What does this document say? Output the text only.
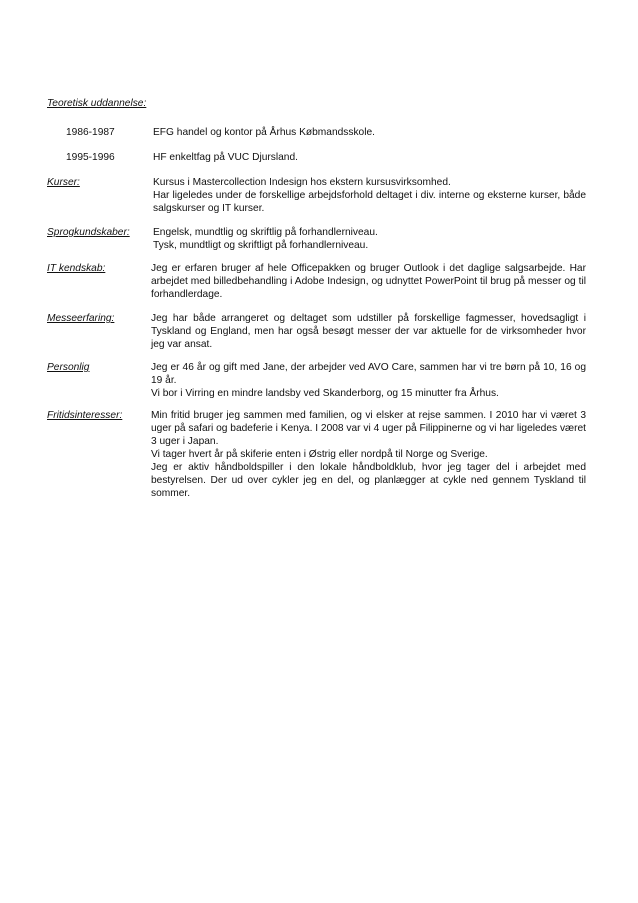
Teoretisk uddannelse:
1986-1987	EFG handel og kontor på Århus Købmandsskole.
1995-1996	HF enkeltfag på VUC Djursland.
Kurser:	Kursus i Mastercollection Indesign hos ekstern kursusvirksomhed.

Har ligeledes under de forskellige arbejdsforhold deltaget i div. interne og eksterne kurser, både salgskurser og IT kurser.

Sprogkundskaber: Engelsk, mundtlig og skriftlig på forhandlerniveau.

Tysk, mundtligt og skriftligt på forhandlerniveau.

IT kendskab:	Jeg er erfaren bruger af hele Officepakken og bruger Outlook i det daglige salgsarbejde. Har arbejdet med billedbehandling i Adobe Indesign, og udnyttet PowerPoint til brug på messer og til forhandlerdage.

Messeerfaring:	Jeg har både arrangeret og deltaget som udstiller på forskellige fagmesser, hovedsagligt i Tyskland og England, men har også besøgt messer der var aktuelle for de virksomheder hvor jeg var ansat.

Personlig	Jeg er 46 år og gift med Jane, der arbejder ved AVO Care, sammen har vi tre børn på 10, 16 og 19 år.

Vi bor i Virring en mindre landsby ved Skanderborg, og 15 minutter fra Århus.

Fritidsinteresser:	Min fritid bruger jeg sammen med familien, og vi elsker at rejse sammen. I 2010 har vi været 3 uger på safari og badeferie i Kenya. I 2008 var vi 4 uger på Filippinerne og vi har ligeledes været 3 uger i Japan.

Vi tager hvert år på skiferie enten i Østrig eller nordpå til Norge og Sverige.

Jeg er aktiv håndboldspiller i den lokale håndboldklub, hvor jeg tager del i arbejdet med bestyrelsen. Der ud over cykler jeg en del, og planlægger at cykle ned gennem Tyskland til sommer.
